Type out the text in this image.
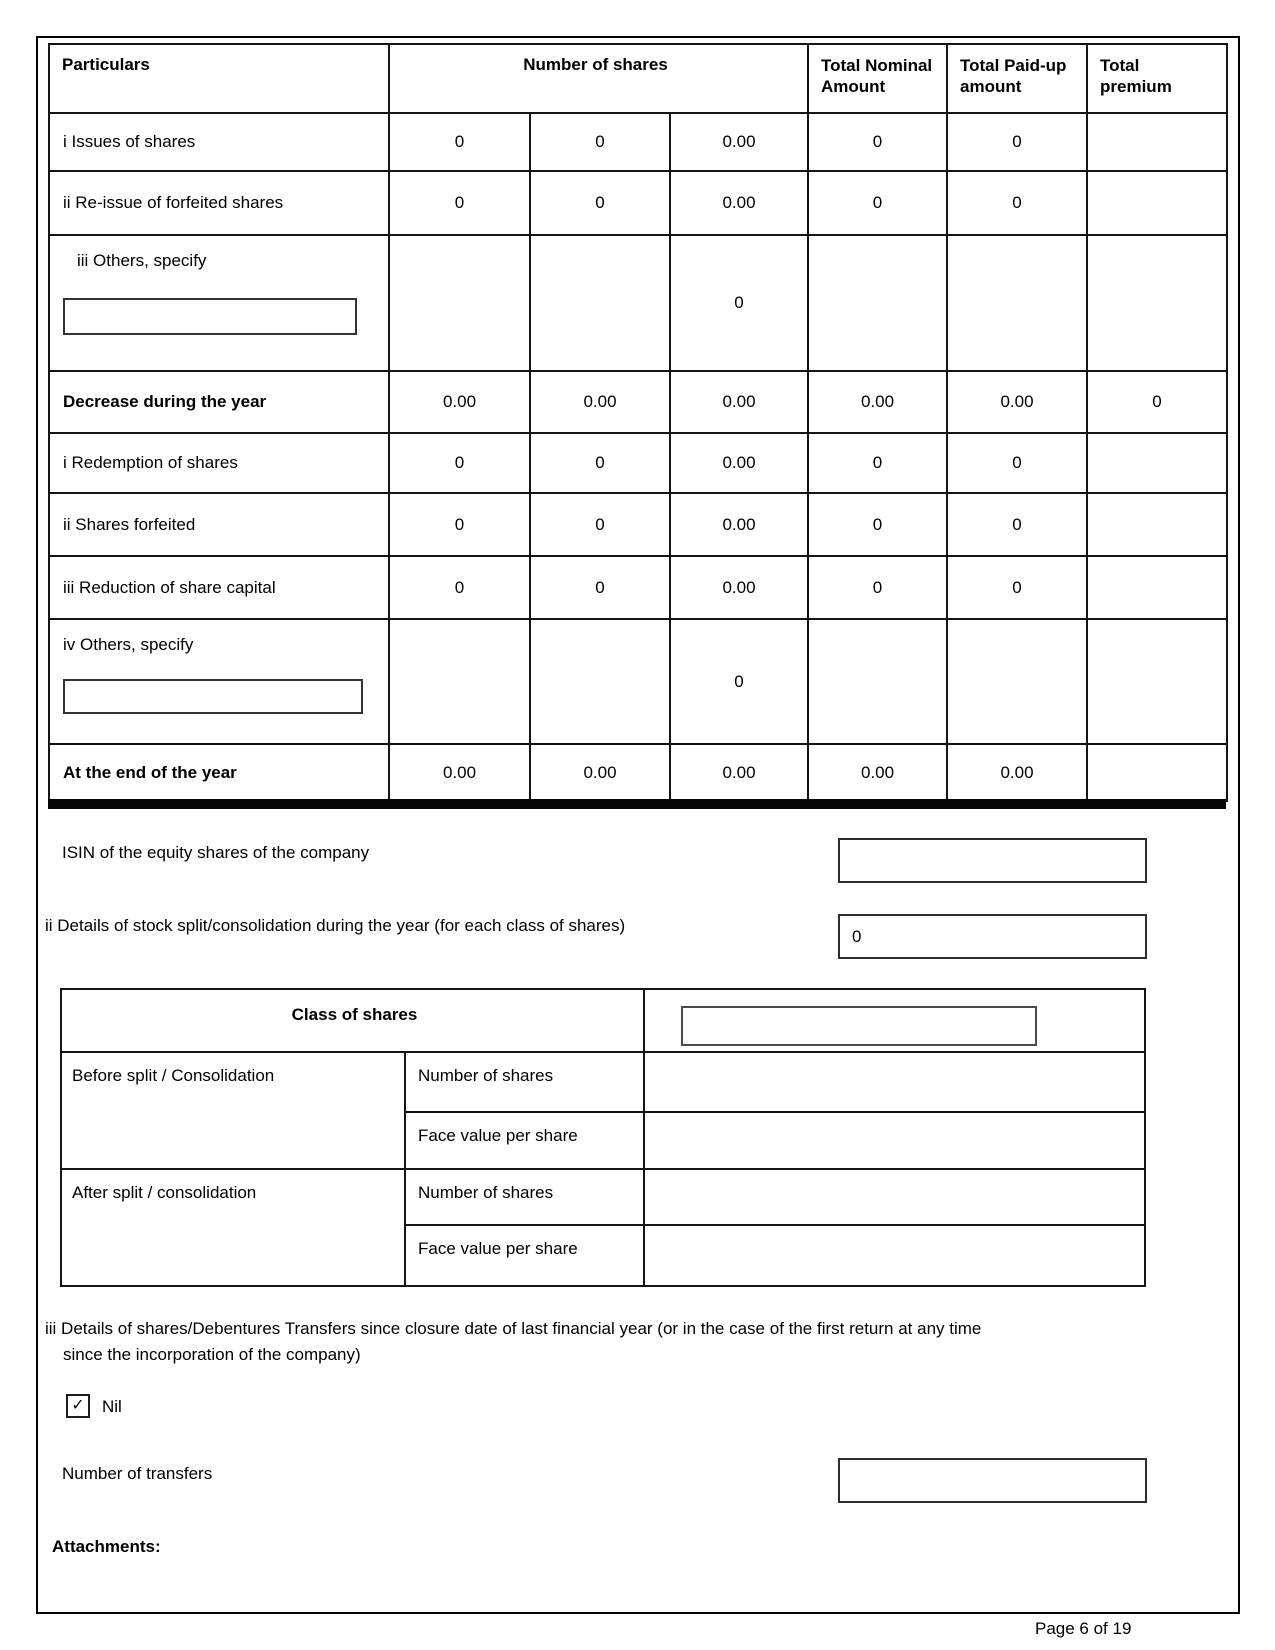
Particulars	Number of shares			Total Nominal Amount	Total Paid-up amount	Total premium

i Issues of shares	0	0	0.00	0	0	
ii Re-issue of forfeited shares	0	0	0.00	0	0	

iii Others, specify			0			
Decrease during the year	0.00	0.00	0.00	0.00	0.00	0
i Redemption of shares	0	0	0.00	0	0	
ii Shares forfeited	0	0	0.00	0	0	
iii Reduction of share capital	0	0	0.00	0	0	

iv Others, specify			0			
At the end of the year	0.00	0.00	0.00	0.00	0.00	
ISIN of the equity shares of the company
ii Details of stock split/consolidation during the year (for each class of shares)
0
Class of shares	

Before split / Consolidation	Number of shares	
	Face value per share	
After split / consolidation	Number of shares	
	Face value per share	
iii Details of shares/Debentures Transfers since closure date of last financial year (or in the case of the first return at any time
since the incorporation of the company)
✓	Nil
Number of transfers
Attachments:
Page 6 of 19
